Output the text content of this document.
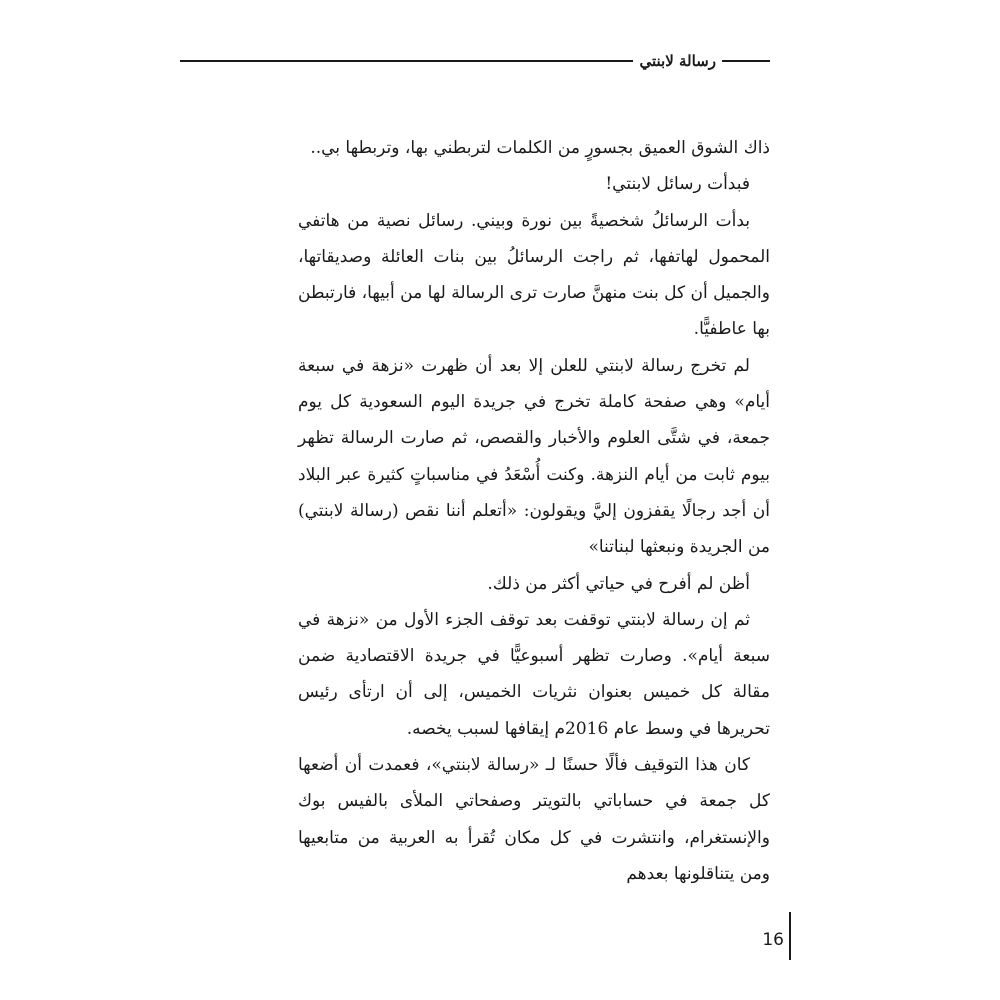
رسالة لابنتي

ذاك الشوق العميق بجسورٍ من الكلمات لتربطني بها، وتربطها بي..

فبدأت رسائل لابنتي!

بدأت الرسائلُ شخصيةً بين نورة وبيني. رسائل نصية من هاتفي المحمول لهاتفها، ثم راجت الرسائلُ بين بنات العائلة وصديقاتها، والجميل أن كل بنت منهنَّ صارت ترى الرسالة لها من أبيها، فارتبطن بها عاطفيًّا.

لم تخرج رسالة لابنتي للعلن إلا بعد أن ظهرت «نزهة في سبعة أيام» وهي صفحة كاملة تخرج في جريدة اليوم السعودية كل يوم جمعة، في شتَّى العلوم والأخبار والقصص، ثم صارت الرسالة تظهر بيوم ثابت من أيام النزهة. وكنت أُسْعَدُ في مناسباتٍ كثيرة عبر البلاد أن أجد رجالًا يقفزون إليَّ ويقولون: «أتعلم أننا نقص (رسالة لابنتي) من الجريدة ونبعثها لبناتنا»

أظن لم أفرح في حياتي أكثر من ذلك.

ثم إن رسالة لابنتي توقفت بعد توقف الجزء الأول من «نزهة في سبعة أيام». وصارت تظهر أسبوعيًّا في جريدة الاقتصادية ضمن مقالة كل خميس بعنوان نثريات الخميس، إلى أن ارتأى رئيس تحريرها في وسط عام 2016م إيقافها لسبب يخصه.

كان هذا التوقيف فألًا حسنًا لـ «رسالة لابنتي»، فعمدت أن أضعها كل جمعة في حساباتي بالتويتر وصفحاتي الملأى بالفيس بوك والإنستغرام، وانتشرت في كل مكان تُقرأ به العربية من متابعيها ومن يتناقلونها بعدهم

16
